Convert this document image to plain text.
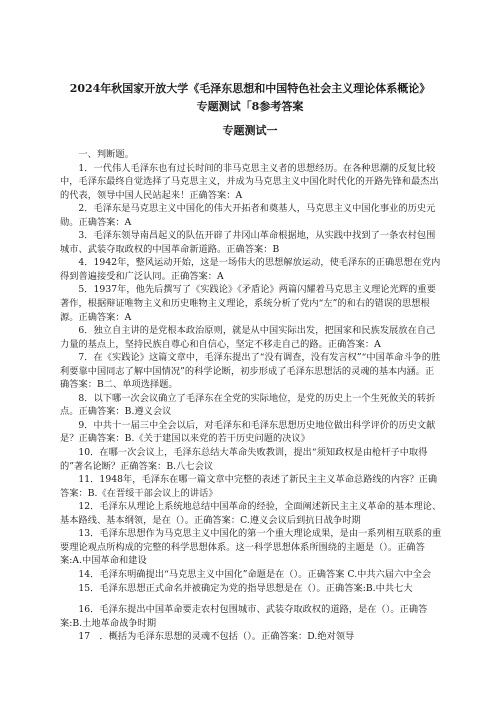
2024年秋国家开放大学《毛泽东思想和中国特色社会主义理论体系概论》
专题测试「8参考答案
专题测试一

一、判断题。

1．一代伟人毛泽东也有过长时间的非马克思主义者的思想经历。在各种思潮的反复比较中，毛泽东最终自觉选择了马克思主义，并成为马克思主义中国化时代化的开路先锋和最杰出的代表，领导中国人民站起来！正确答案：A

2．毛泽东是马克思主义中国化的伟大开拓者和奠基人，马克思主义中国化事业的历史元勋。正确答案：A

3．毛泽东领导南昌起义的队伍开辟了井冈山革命根据地，从实践中找到了一条农村包围城市、武装夺取政权的中国革命新道路。正确答案：B

4．1942年，整风运动开始，这是一场伟大的思想解放运动，使毛泽东的正确思想在党内得到普遍接受和广泛认同。正确答案：A

5．1937年，他先后撰写了《实践论》《矛盾论》两篇闪耀着马克思主义理论光辉的重要著作，根据辩证唯物主义和历史唯物主义理论，系统分析了党内“左”的和右的错误的思想根源。正确答案：A

6．独立自主讲的是党根本政治原则，就是从中国实际出发，把国家和民族发展放在自己力量的基点上，坚持民族自尊心和自信心，坚定不移走自己的路。正确答案：A

7．在《实践论》这篇文章中，毛泽东提出了“没有调查，没有发言权”“中国革命斗争的胜利要靠中国同志了解中国情况”的科学论断，初步形成了毛泽东思想活的灵魂的基本内涵。正确答案：B二、单项选择题。

8．以下哪一次会议确立了毛泽东在全党的实际地位，是党的历史上一个生死攸关的转折点。正确答案：B.遵义会议

9．中共十一届三中全会以后，对毛泽东和毛泽东思想历史地位做出科学评价的历史文献是？正确答案：B.《关于建国以来党的若干历史问题的决议》

10．在哪一次会议上，毛泽东总结大革命失败教训，提出“须知政权是由枪杆子中取得的”著名论断？正确答案：B.八七会议

11．1948年，毛泽东在哪一篇文章中完整的表述了新民主主义革命总路线的内容？正确答案：B.《在晋绥干部会议上的讲话》

12．毛泽东从理论上系统地总结中国革命的经验，全面阐述新民主主义革命的基本理论、基本路线、基本纲领，是在（）。正确答案：C.遵义会议后到抗日战争时期

13．毛泽东思想作为马克思主义中国化的第一个重大理论成果，是由一系列相互联系的重要理论观点所构成的完整的科学思想体系。这一科学思想体系所围绕的主题是（）。正确答案:A.中国革命和建设

14．毛泽东明确提出“马克思主义中国化”命题是在（）。正确答案 C.中共六届六中全会

15．毛泽东思想正式命名并被确定为党的指导思想是在（）。正确答案:B.中共七大

16．毛泽东提出中国革命要走农村包围城市、武装夺取政权的道路，是在（）。正确答案:B.土地革命战争时期

17　．概括为毛泽东思想的灵魂不包括（）。正确答案：D.绝对领导
